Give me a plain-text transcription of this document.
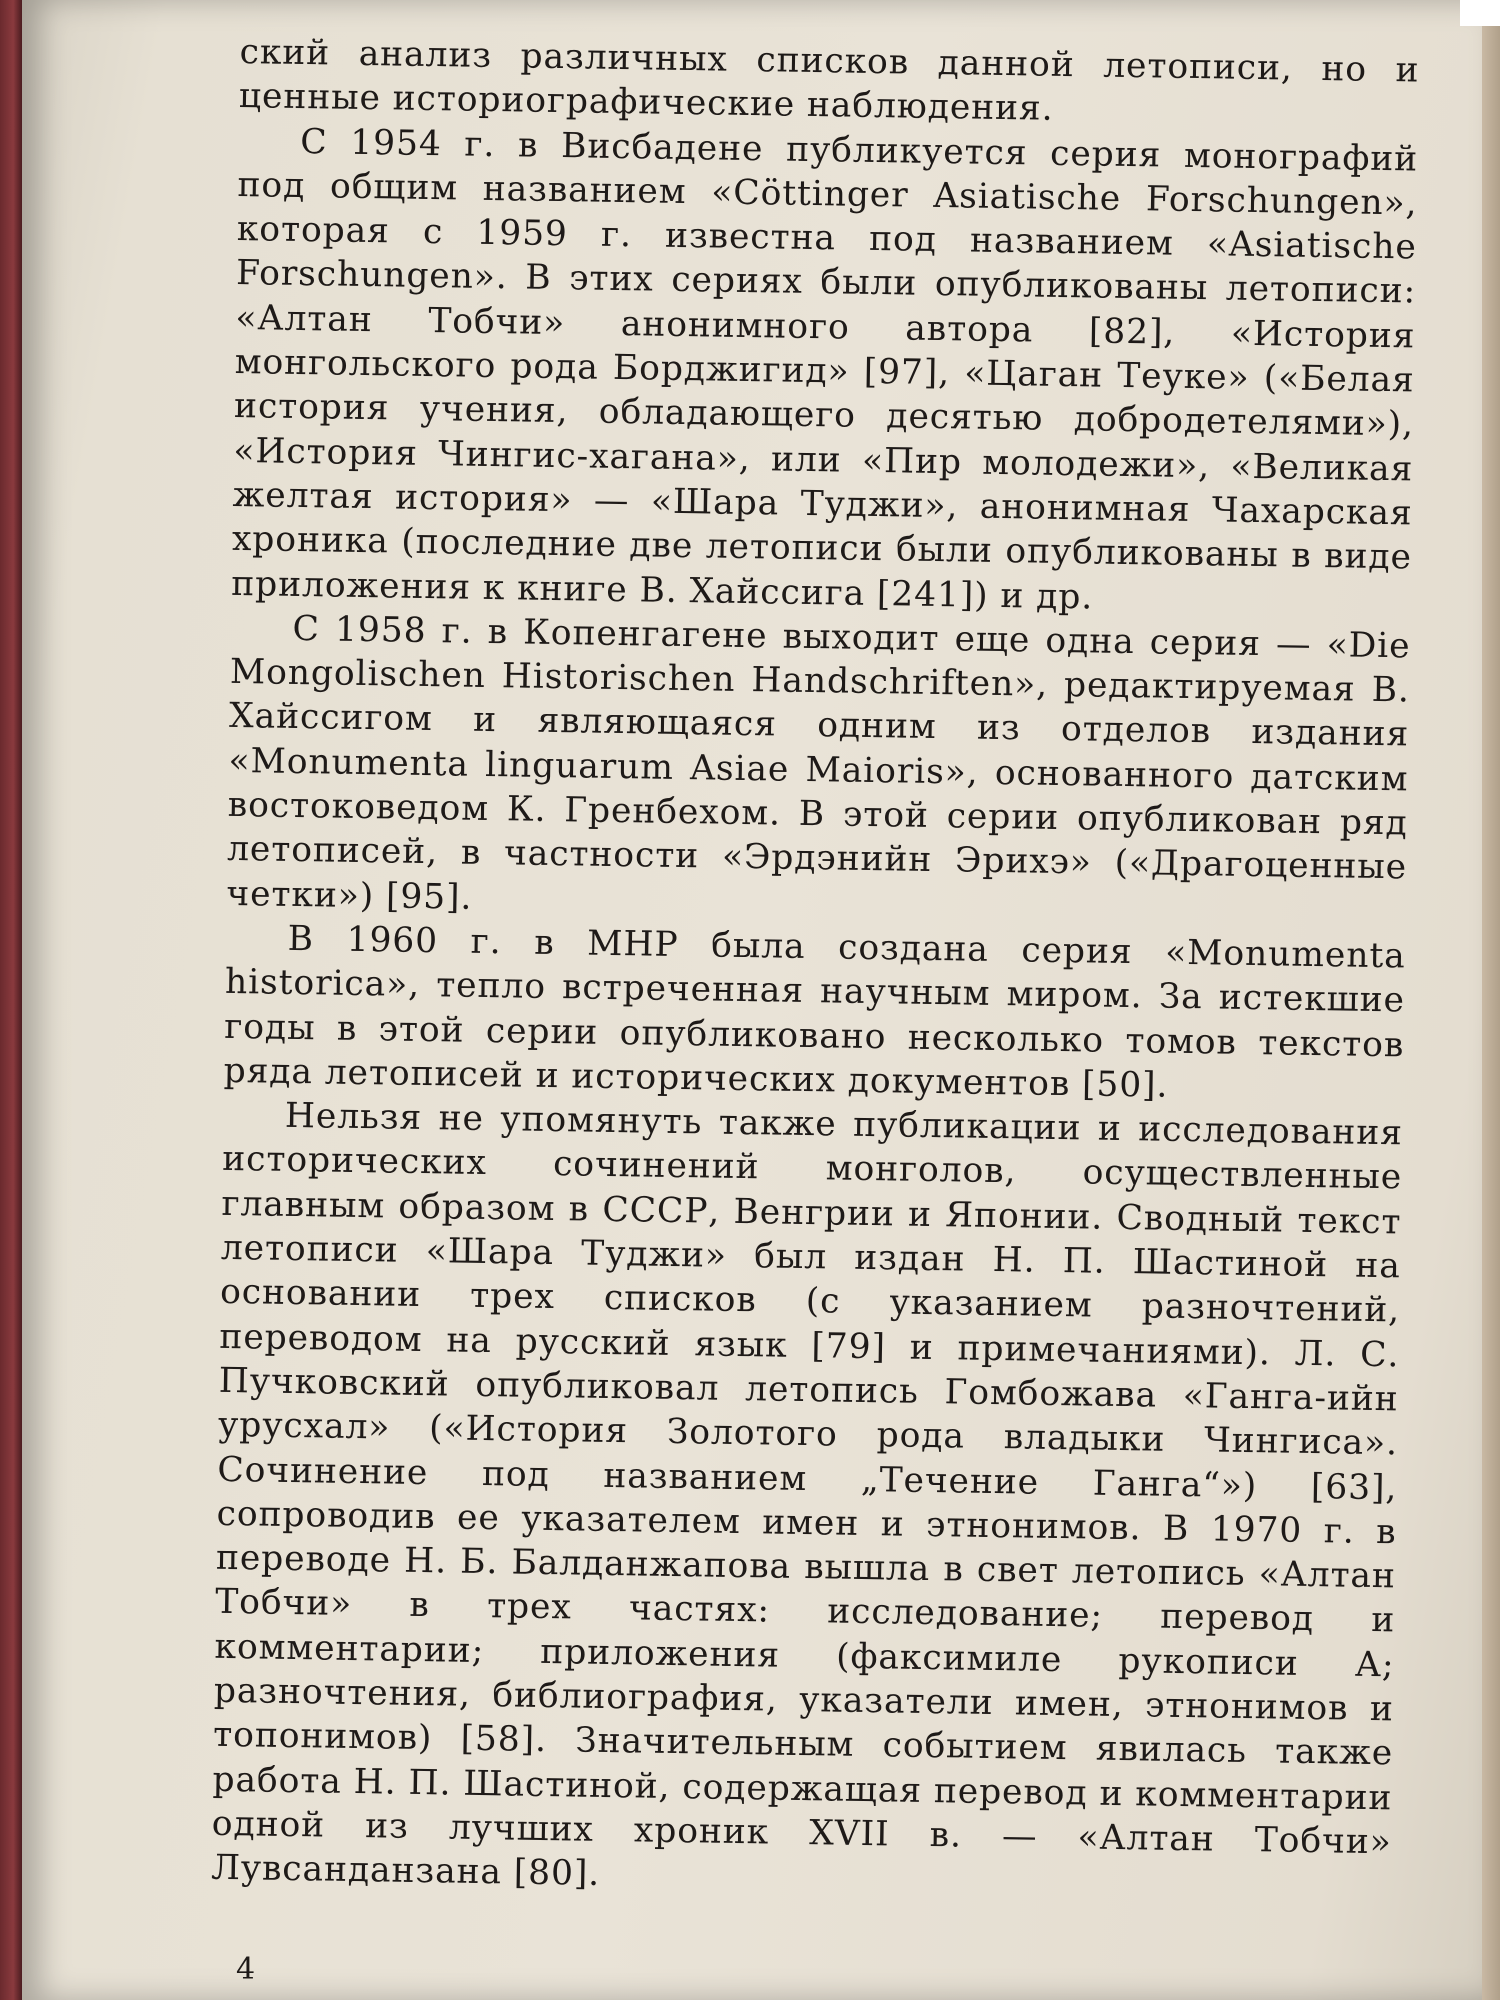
ский анализ различных списков данной летописи, но и ценные историографические наблюдения.

С 1954 г. в Висбадене публикуется серия монографий под общим названием «Cöttinger Asiatische Forschungen», которая с 1959 г. известна под названием «Asiatische Forschungen». В этих сериях были опубликованы летописи: «Алтан Тобчи» анонимного автора [82], «История монгольского рода Борджигид» [97], «Цаган Теуке» («Белая история учения, обладающего десятью добродетелями»), «История Чингис-хагана», или «Пир молодежи», «Великая желтая история» — «Шара Туджи», анонимная Чахарская хроника (последние две летописи были опубликованы в виде приложения к книге В. Хайссига [241]) и др.

С 1958 г. в Копенгагене выходит еще одна серия — «Die Mongolischen Historischen Handschriften», редактируемая В. Хайссигом и являющаяся одним из отделов издания «Monumenta linguarum Asiae Maioris», основанного датским востоковедом К. Гренбехом. В этой серии опубликован ряд летописей, в частности «Эрдэнийн Эрихэ» («Драгоценные четки») [95].

В 1960 г. в МНР была создана серия «Monumenta historica», тепло встреченная научным миром. За истекшие годы в этой серии опубликовано несколько томов текстов ряда летописей и исторических документов [50].

Нельзя не упомянуть также публикации и исследования исторических сочинений монголов, осуществленные главным образом в СССР, Венгрии и Японии. Сводный текст летописи «Шара Туджи» был издан Н. П. Шастиной на основании трех списков (с указанием разночтений, переводом на русский язык [79] и примечаниями). Л. С. Пучковский опубликовал летопись Гомбожава «Ганга-ийн урусхал» («История Золотого рода владыки Чингиса». Сочинение под названием „Течение Ганга“») [63], сопроводив ее указателем имен и этнонимов. В 1970 г. в переводе Н. Б. Балданжапова вышла в свет летопись «Алтан Тобчи» в трех частях: исследование; перевод и комментарии; приложения (факсимиле рукописи А; разночтения, библиография, указатели имен, этнонимов и топонимов) [58]. Значительным событием явилась также работа Н. П. Шастиной, содержащая перевод и комментарии одной из лучших хроник XVII в. — «Алтан Тобчи» Лувсанданзана [80].

4
